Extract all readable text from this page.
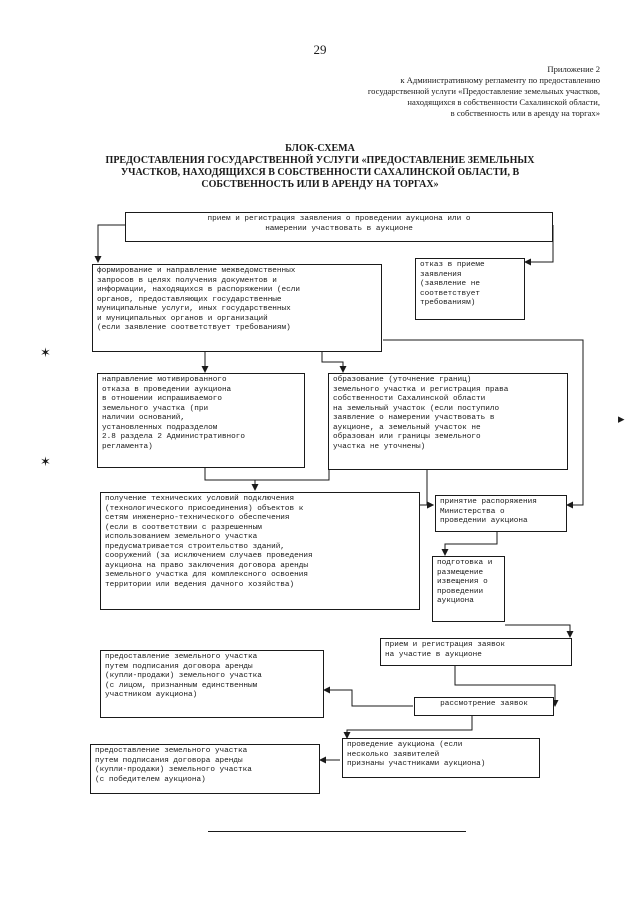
29
Приложение 2
к Административному регламенту по предоставлению
государственной услуги «Предоставление земельных участков,
находящихся в собственности Сахалинской области,
в собственность или в аренду на торгах»
БЛОК-СХЕМА
ПРЕДОСТАВЛЕНИЯ ГОСУДАРСТВЕННОЙ УСЛУГИ «ПРЕДОСТАВЛЕНИЕ ЗЕМЕЛЬНЫХ
УЧАСТКОВ, НАХОДЯЩИХСЯ В СОБСТВЕННОСТИ САХАЛИНСКОЙ ОБЛАСТИ, В
СОБСТВЕННОСТЬ ИЛИ В АРЕНДУ НА ТОРГАХ»
прием и регистрация заявления о проведении аукциона или о
намерении участвовать в аукционе
формирование и направление межведомственных
запросов в целях получения документов и
информации, находящихся в распоряжении (если
органов, предоставляющих государственные
муниципальные услуги, иных государственных
и муниципальных органов и организаций
(если заявление соответствует требованиям)
отказ в приеме
заявления
(заявление не
соответствует
требованиям)
направление мотивированного
отказа в проведении аукциона
в отношении испрашиваемого
земельного участка (при
наличии оснований,
установленных подразделом
2.8 раздела 2 Административного
регламента)
образование (уточнение границ)
земельного участка и регистрация права
собственности Сахалинской области
на земельный участок (если поступило
заявление о намерении участвовать в
аукционе, а земельный участок не
образован или границы земельного
участка не уточнены)
получение технических условий подключения
(технологического присоединения) объектов к
сетям инженерно-технического обеспечения
(если в соответствии с разрешенным
использованием земельного участка
предусматривается строительство зданий,
сооружений (за исключением случаев проведения
аукциона на право заключения договора аренды
земельного участка для комплексного освоения
территории или ведения дачного хозяйства)
принятие распоряжения
Министерства о
проведении аукциона
подготовка и
размещение
извещения о
проведении
аукциона
прием и регистрация заявок
на участие в аукционе
предоставление земельного участка
путем подписания договора аренды
(купли-продажи) земельного участка
(с лицом, признанным единственным
участником аукциона)
рассмотрение заявок
проведение аукциона (если
несколько заявителей
признаны участниками аукциона)
предоставление земельного участка
путем подписания договора аренды
(купли-продажи) земельного участка
(с победителем аукциона)
✶
✶
▸
